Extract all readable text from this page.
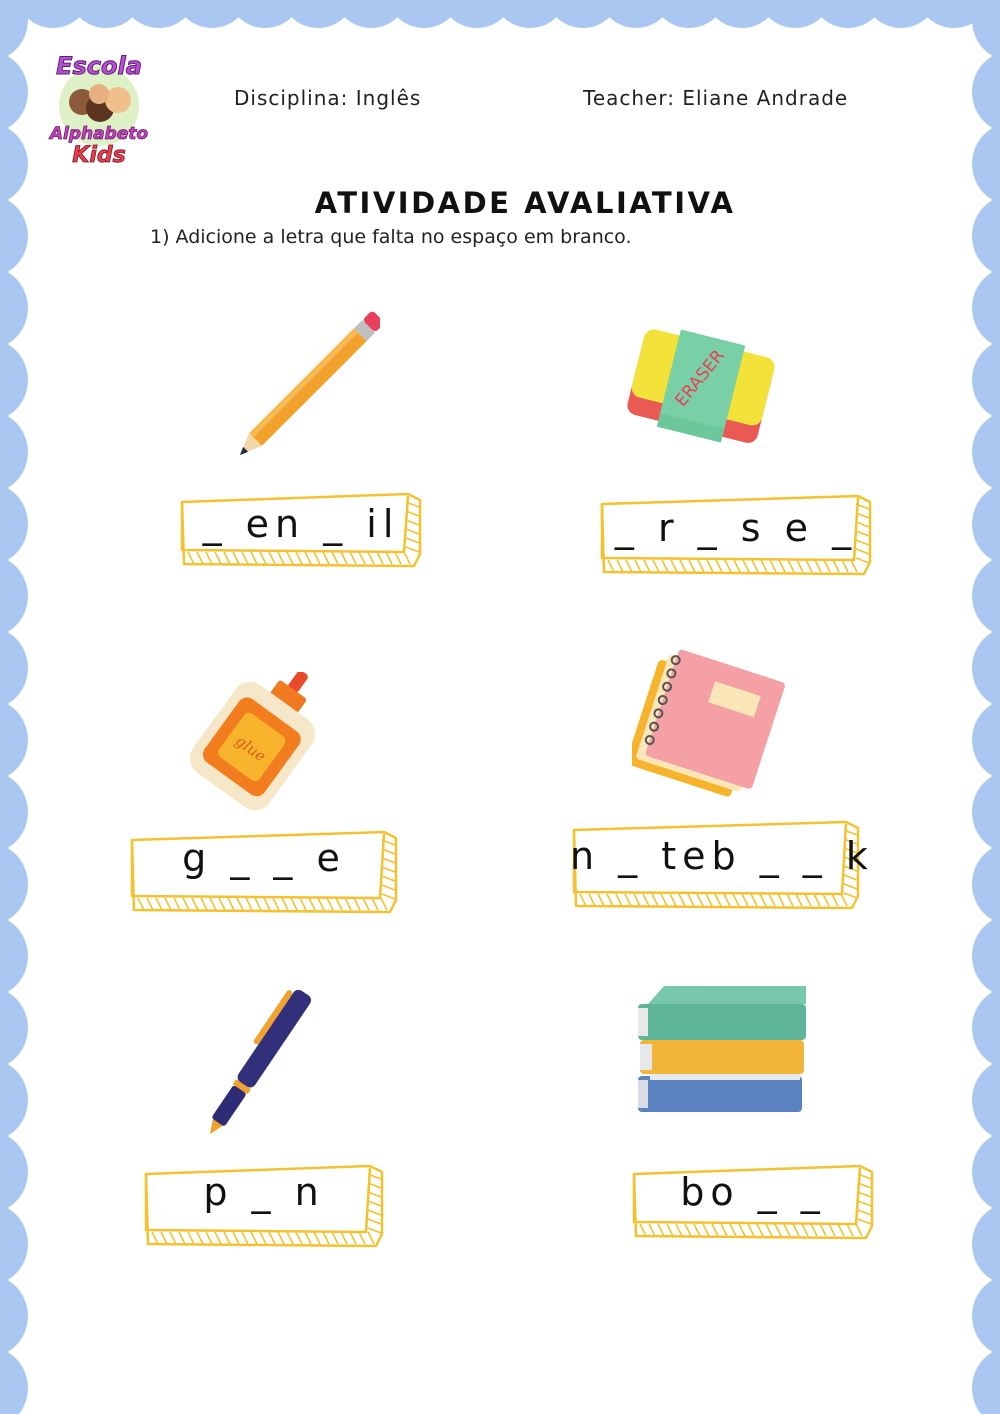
Escola
Alphabeto
Kids
Disciplina: Inglês	Teacher: Eliane Andrade
ATIVIDADE AVALIATIVA
1) Adicione a letra que falta no espaço em branco.
_ en _ il
ERASER
_ r _ s e _
glue
g _ _ e	n _ teb _ _ k
p _ n	bo _ _
